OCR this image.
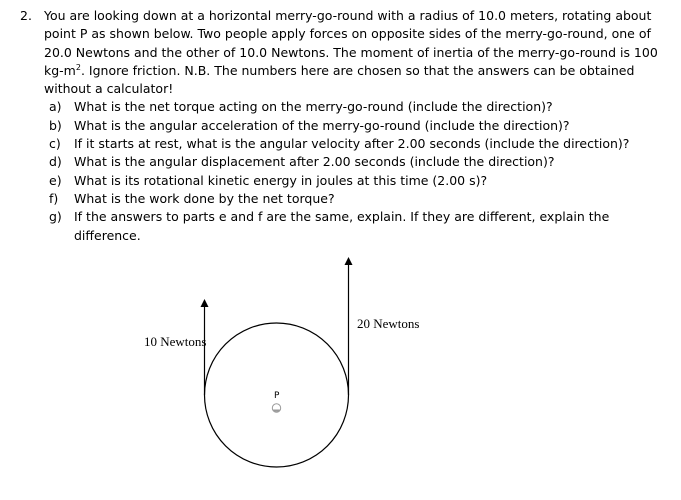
2. You are looking down at a horizontal merry-go-round with a radius of 10.0 meters, rotating about
point P as shown below. Two people apply forces on opposite sides of the merry-go-round, one of
20.0 Newtons and the other of 10.0 Newtons. The moment of inertia of the merry-go-round is 100
$kg-m^2$. Ignore friction. N.B. The numbers here are chosen so that the answers can be obtained
without a calculator!
a) What is the net torque acting on the merry-go-round (include the direction)?
b) What is the angular acceleration of the merry-go-round (include the direction)?
c) If it starts at rest, what is the angular velocity after 2.00 seconds (include the direction)?
d) What is the angular displacement after 2.00 seconds (include the direction)?
e) What is its rotational kinetic energy in joules at this time (2.00 s)?
f) What is the work done by the net torque?
g) If the answers to parts e and f are the same, explain. If they are different, explain the
difference.
10 Newtons
20 Newtons
P
